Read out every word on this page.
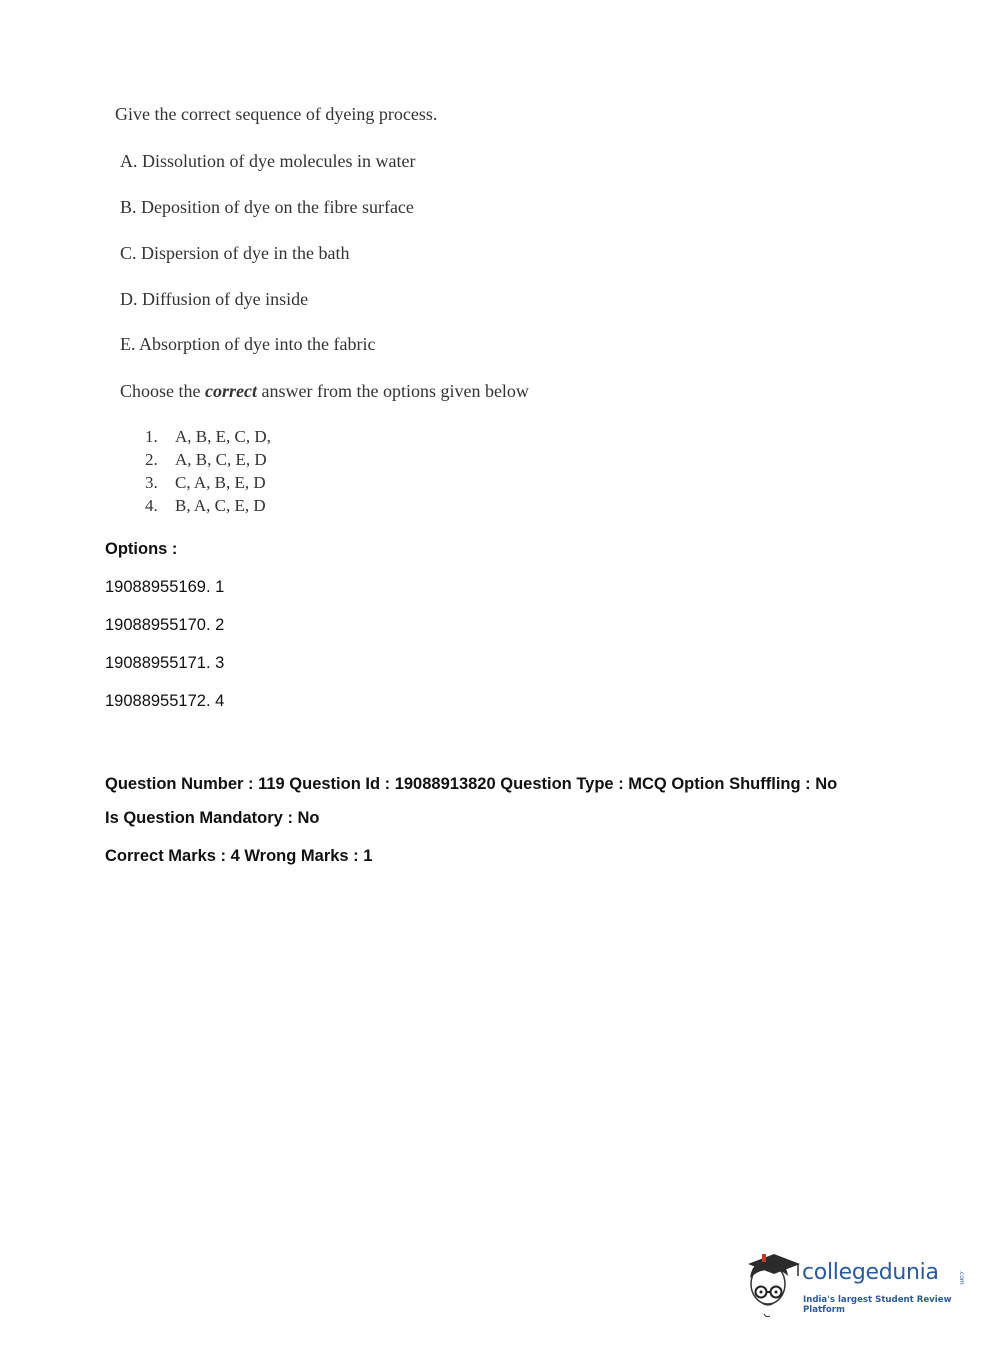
Give the correct sequence of dyeing process.
A. Dissolution of dye molecules in water
B. Deposition of dye on the fibre surface
C. Dispersion of dye in the bath
D. Diffusion of dye inside
E. Absorption of dye into the fabric
Choose the correct answer from the options given below
1. A, B, E, C, D,
2. A, B, C, E, D
3. C, A, B, E, D
4. B, A, C, E, D
Options :
19088955169. 1
19088955170. 2
19088955171. 3
19088955172. 4
Question Number : 119 Question Id : 19088913820 Question Type : MCQ Option Shuffling : No
Is Question Mandatory : No
Correct Marks : 4 Wrong Marks : 1
collegedunia	.com
India's largest Student Review Platform
